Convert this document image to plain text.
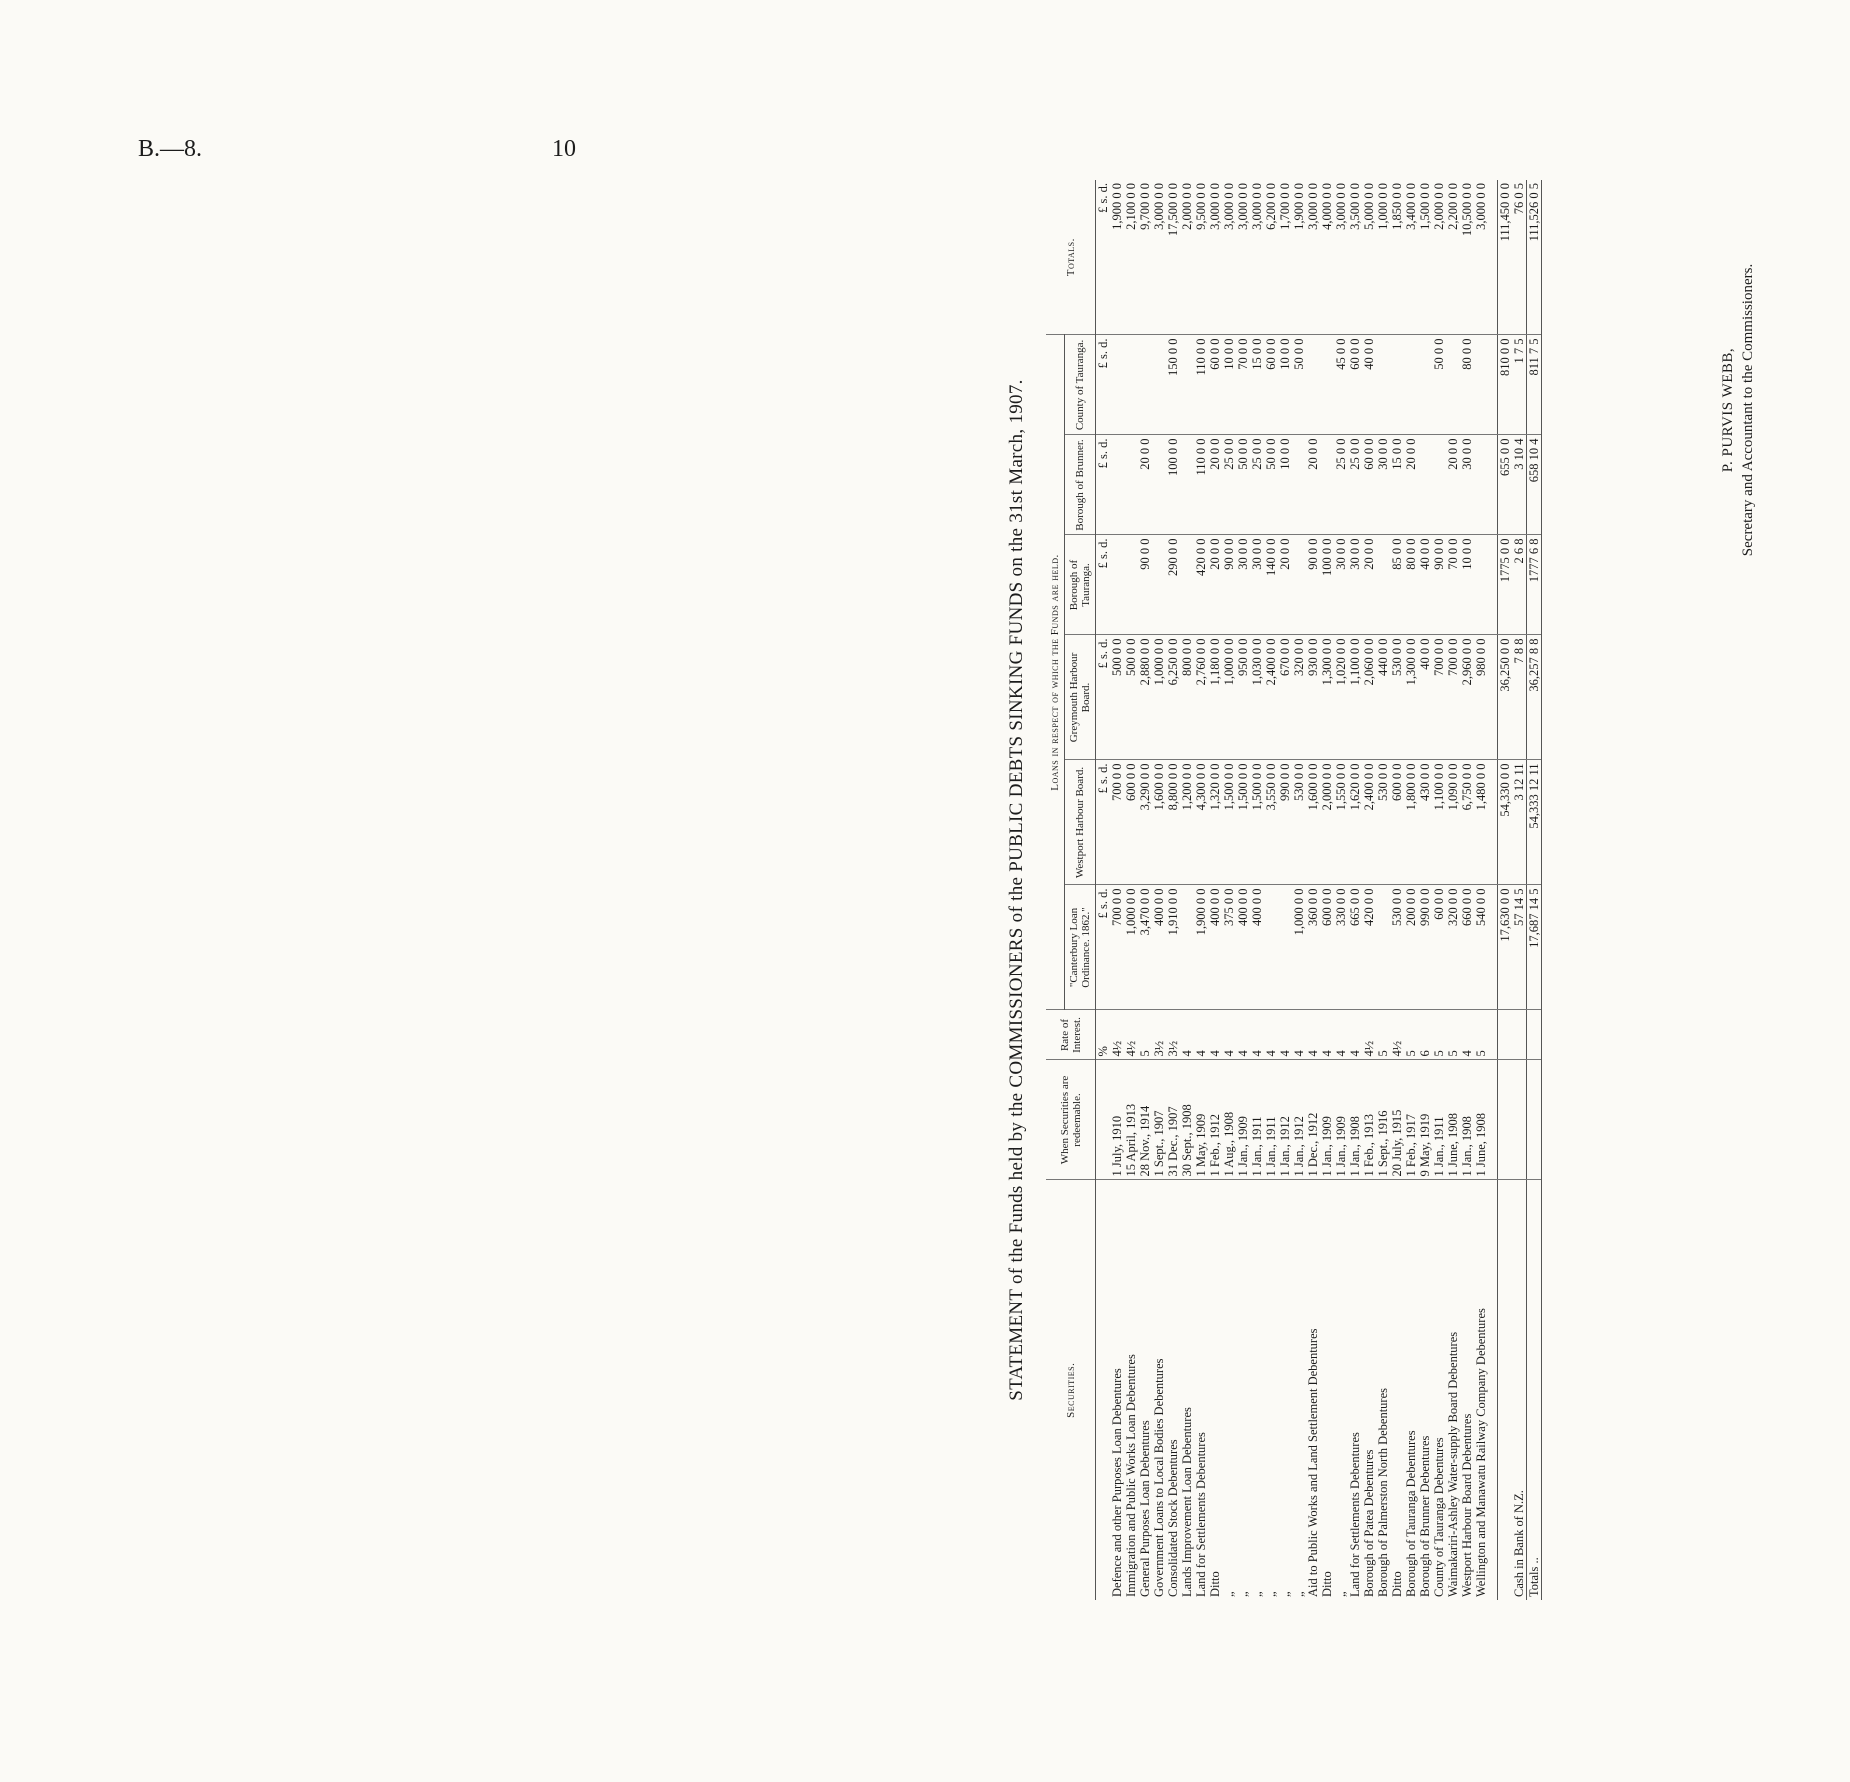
B.—8.	10
STATEMENT of the Funds held by the COMMISSIONERS of the PUBLIC DEBTS SINKING FUNDS on the 31st March, 1907.	Securities.	When Securities are redeemable.	Rate of Interest.	Loans in respect of which the Funds are held.						Totals.
			"Canterbury Loan Ordinance. 1862."	Westport Harbour Board.	Greymouth Harbour Board.	Borough of Tauranga.	Borough of Brunner.	County of Tauranga.	
		%	£ s. d.	£ s. d.	£ s. d.	£ s. d.	£ s. d.	£ s. d.	£ s. d.
Defence and other Purposes Loan Debentures	1 July, 1910	4½	700 0 0	700 0 0	500 0 0				1,900 0 0
Immigration and Public Works Loan Debentures	15 April, 1913	4½	1,000 0 0	600 0 0	500 0 0				2,100 0 0
General Purposes Loan Debentures	28 Nov., 1914	5	3,470 0 0	3,290 0 0	2,880 0 0	90 0 0	20 0 0		9,700 0 0
Government Loans to Local Bodies Debentures	1 Sept., 1907	3½	400 0 0	1,600 0 0	1,000 0 0				3,000 0 0
Consolidated Stock Debentures	31 Dec., 1907	3½	1,910 0 0	8,800 0 0	6,250 0 0	290 0 0	100 0 0	150 0 0	17,500 0 0
Lands Improvement Loan Debentures	30 Sept., 1908	4		1,200 0 0	800 0 0				2,000 0 0
Land for Settlements Debentures	1 May, 1909	4	1,900 0 0	4,300 0 0	2,760 0 0	420 0 0	110 0 0	110 0 0	9,500 0 0
Ditto	1 Feb., 1912	4	400 0 0	1,320 0 0	1,180 0 0	20 0 0	20 0 0	60 0 0	3,000 0 0
„	1 Aug., 1908	4	375 0 0	1,500 0 0	1,000 0 0	90 0 0	25 0 0	10 0 0	3,000 0 0
„	1 Jan., 1909	4	400 0 0	1,500 0 0	950 0 0	30 0 0	50 0 0	70 0 0	3,000 0 0
„	1 Jan., 1911	4	400 0 0	1,500 0 0	1,030 0 0	30 0 0	25 0 0	15 0 0	3,000 0 0
„	1 Jan., 1911	4		3,550 0 0	2,400 0 0	140 0 0	50 0 0	60 0 0	6,200 0 0
„	1 Jan., 1912	4		990 0 0	670 0 0	20 0 0	10 0 0	10 0 0	1,700 0 0
„	1 Jan., 1912	4	1,000 0 0	530 0 0	320 0 0			50 0 0	1,900 0 0
Aid to Public Works and Land Settlement Debentures	1 Dec., 1912	4	360 0 0	1,600 0 0	930 0 0	90 0 0	20 0 0		3,000 0 0
Ditto	1 Jan., 1909	4	600 0 0	2,000 0 0	1,300 0 0	100 0 0			4,000 0 0
„	1 Jan., 1909	4	330 0 0	1,550 0 0	1,020 0 0	30 0 0	25 0 0	45 0 0	3,000 0 0
Land for Settlements Debentures	1 Jan., 1908	4	665 0 0	1,620 0 0	1,100 0 0	30 0 0	25 0 0	60 0 0	3,500 0 0
Borough of Patea Debentures	1 Feb., 1913	4½	420 0 0	2,400 0 0	2,060 0 0	20 0 0	60 0 0	40 0 0	5,000 0 0
Borough of Palmerston North Debentures	1 Sept., 1916	5		530 0 0	440 0 0		30 0 0		1,000 0 0
Ditto	20 July, 1915	4½	530 0 0	600 0 0	530 0 0	85 0 0	15 0 0		1,850 0 0
Borough of Tauranga Debentures	1 Feb., 1917	5	200 0 0	1,800 0 0	1,300 0 0	80 0 0	20 0 0		3,400 0 0
Borough of Brunner Debentures	9 May, 1919	6	990 0 0	430 0 0	40 0 0	40 0 0			1,500 0 0
County of Tauranga Debentures	1 Jan., 1911	5	60 0 0	1,100 0 0	700 0 0	90 0 0		50 0 0	2,000 0 0
Waimakariri-Ashley Water-supply Board Debentures	1 June, 1908	5	320 0 0	1,090 0 0	700 0 0	70 0 0	20 0 0		2,200 0 0
Westport Harbour Board Debentures	1 Jan., 1908	4	660 0 0	6,750 0 0	2,960 0 0	10 0 0	30 0 0	80 0 0	10,500 0 0
Wellington and Manawatu Railway Company Debentures	1 June, 1908	5	540 0 0	1,480 0 0	980 0 0				3,000 0 0

			17,630 0 0	54,330 0 0	36,250 0 0	1775 0 0	655 0 0	810 0 0	111,450 0 0
Cash in Bank of N.Z.			57 14 5	3 12 11	7 8 8	2 6 8	3 10 4	1 7 5	76 0 5
Totals ..			17,687 14 5	54,333 12 11	36,257 8 8	1777 6 8	658 10 4	811 7 5	111,526 0 5
P. PURVIS WEBB, Secretary and Accountant to the Commissioners.
